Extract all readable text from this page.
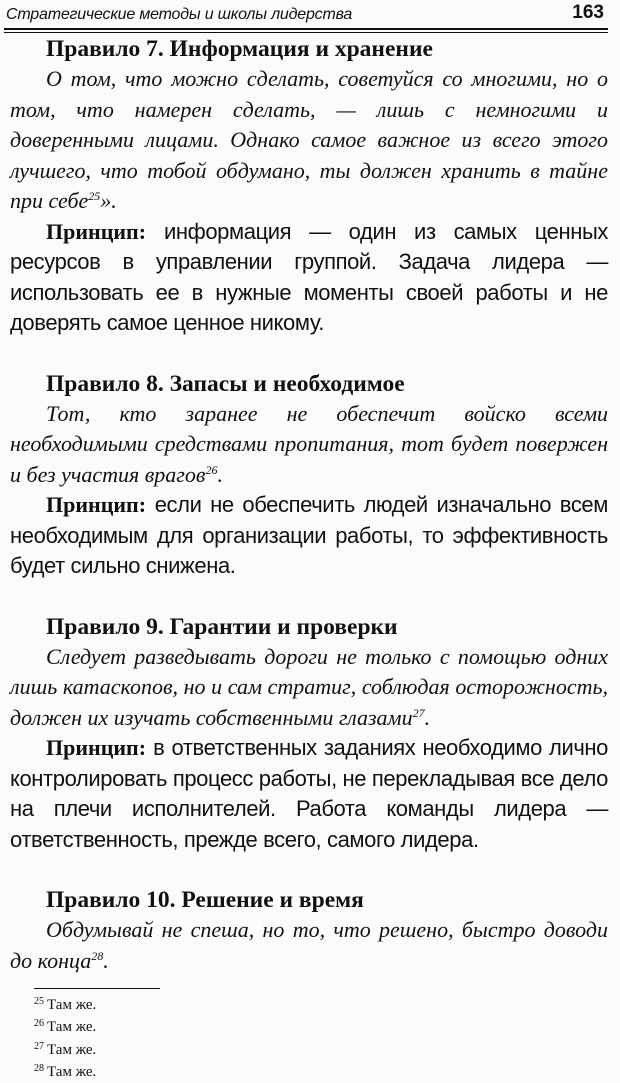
Стратегические методы и школы лидерства	163

Правило 7. Информация и хранение

О том, что можно сделать, советуйся со многими, но о том, что намерен сделать, — лишь с немногими и доверенными лицами. Однако самое важное из всего этого лучшего, что тобой обдумано, ты должен хранить в тайне при себе$^{25}$».

Принцип: информация — один из самых ценных ресурсов в управлении группой. Задача лидера — использовать ее в нужные моменты своей работы и не доверять самое ценное никому.

Правило 8. Запасы и необходимое

Тот, кто заранее не обеспечит войско всеми необходимыми средствами пропитания, тот будет повержен и без участия врагов$^{26}$.

Принцип: если не обеспечить людей изначально всем необходимым для организации работы, то эффективность будет сильно снижена.

Правило 9. Гарантии и проверки

Следует разведывать дороги не только с помощью одних лишь катаскопов, но и сам стратиг, соблюдая осторожность, должен их изучать собственными глазами$^{27}$.

Принцип: в ответственных заданиях необходимо лично контролировать процесс работы, не перекладывая все дело на плечи исполнителей. Работа команды лидера — ответственность, прежде всего, самого лидера.

Правило 10. Решение и время

Обдумывай не спеша, но то, что решено, быстро доводи до конца$^{28}$.

$^{25}$ Там же.
$^{26}$ Там же.
$^{27}$ Там же.
$^{28}$ Там же.
